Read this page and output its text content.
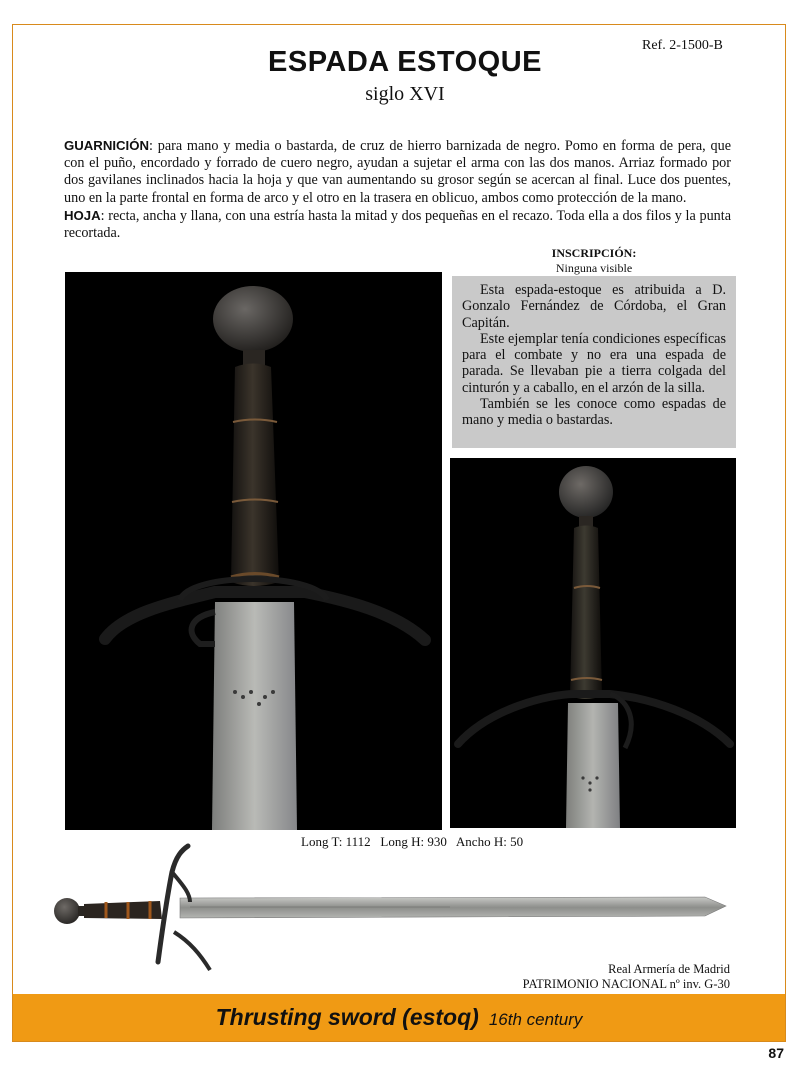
Ref. 2-1500-B
ESPADA ESTOQUE
siglo XVI
GUARNICIÓN: para mano y media o bastarda, de cruz de hierro barnizada de negro. Pomo en forma de pera, que con el puño, encordado y forrado de cuero negro, ayudan a sujetar el arma con las dos manos. Arriaz formado por dos gavilanes inclinados hacia la hoja y que van aumentando su grosor según se acercan al final. Luce dos puentes, uno en la parte frontal en forma de arco y el otro en la trasera en oblicuo, ambos como protección de la mano.
HOJA: recta, ancha y llana, con una estría hasta la mitad y dos pequeñas en el recazo. Toda ella a dos filos y la punta recortada.
INSCRIPCIÓN:
Ninguna visible

Esta espada-estoque es atribuida a D. Gonzalo Fernández de Córdoba, el Gran Capitán.

Este ejemplar tenía condiciones específicas para el combate y no era una espada de parada. Se llevaban pie a tierra colgada del cinturón y a caballo, en el arzón de la silla.

También se les conoce como espadas de mano y media o bastardas.

Long T: 1112 Long H: 930 Ancho H: 50
Real Armería de Madrid
PATRIMONIO NACIONAL nº inv. G-30
Thrusting sword (estoq) 16th century
87
